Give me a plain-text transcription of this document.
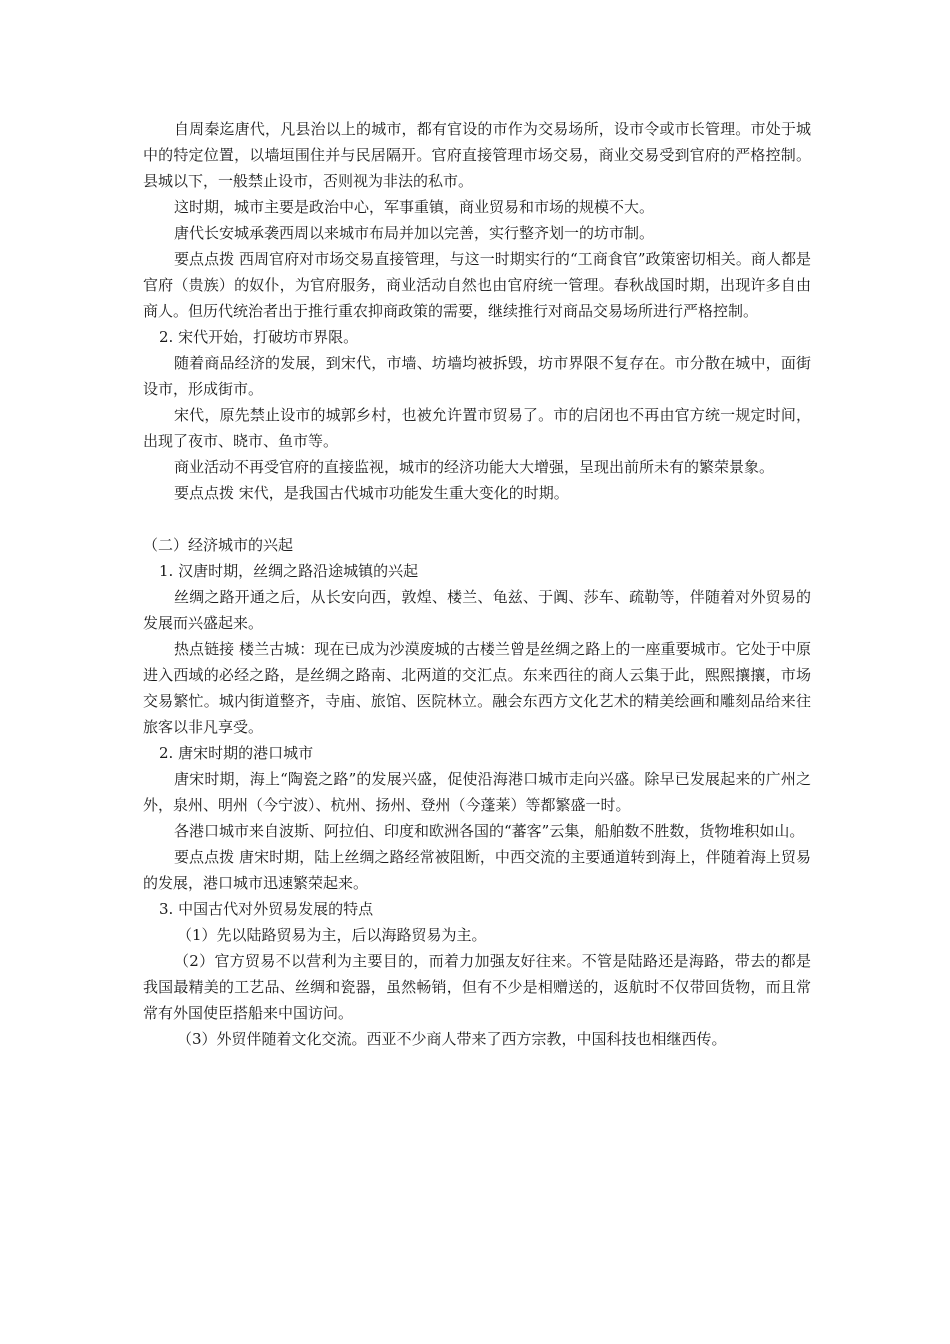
自周秦迄唐代，凡县治以上的城市，都有官设的市作为交易场所，设市令或市长管理。市处于城中的特定位置，以墙垣围住并与民居隔开。官府直接管理市场交易，商业交易受到官府的严格控制。县城以下，一般禁止设市，否则视为非法的私市。

这时期，城市主要是政治中心，军事重镇，商业贸易和市场的规模不大。

唐代长安城承袭西周以来城市布局并加以完善，实行整齐划一的坊市制。

要点点拨 西周官府对市场交易直接管理，与这一时期实行的“工商食官”政策密切相关。商人都是官府（贵族）的奴仆，为官府服务，商业活动自然也由官府统一管理。春秋战国时期，出现许多自由商人。但历代统治者出于推行重农抑商政策的需要，继续推行对商品交易场所进行严格控制。

2. 宋代开始，打破坊市界限。

随着商品经济的发展，到宋代，市墙、坊墙均被拆毁，坊市界限不复存在。市分散在城中，面街设市，形成街市。

宋代，原先禁止设市的城郭乡村，也被允许置市贸易了。市的启闭也不再由官方统一规定时间，出现了夜市、晓市、鱼市等。

商业活动不再受官府的直接监视，城市的经济功能大大增强，呈现出前所未有的繁荣景象。

要点点拨 宋代，是我国古代城市功能发生重大变化的时期。

（二）经济城市的兴起

1. 汉唐时期，丝绸之路沿途城镇的兴起

丝绸之路开通之后，从长安向西，敦煌、楼兰、龟兹、于阗、莎车、疏勒等，伴随着对外贸易的发展而兴盛起来。

热点链接 楼兰古城：现在已成为沙漠废城的古楼兰曾是丝绸之路上的一座重要城市。它处于中原进入西域的必经之路，是丝绸之路南、北两道的交汇点。东来西往的商人云集于此，熙熙攘攘，市场交易繁忙。城内街道整齐，寺庙、旅馆、医院林立。融会东西方文化艺术的精美绘画和雕刻品给来往旅客以非凡享受。

2. 唐宋时期的港口城市

唐宋时期，海上“陶瓷之路”的发展兴盛，促使沿海港口城市走向兴盛。除早已发展起来的广州之外，泉州、明州（今宁波）、杭州、扬州、登州（今蓬莱）等都繁盛一时。

各港口城市来自波斯、阿拉伯、印度和欧洲各国的“蕃客”云集，船舶数不胜数，货物堆积如山。

要点点拨 唐宋时期，陆上丝绸之路经常被阻断，中西交流的主要通道转到海上，伴随着海上贸易的发展，港口城市迅速繁荣起来。

3. 中国古代对外贸易发展的特点

（1）先以陆路贸易为主，后以海路贸易为主。

（2）官方贸易不以营利为主要目的，而着力加强友好往来。不管是陆路还是海路，带去的都是我国最精美的工艺品、丝绸和瓷器，虽然畅销，但有不少是相赠送的，返航时不仅带回货物，而且常常有外国使臣搭船来中国访问。

（3）外贸伴随着文化交流。西亚不少商人带来了西方宗教，中国科技也相继西传。
